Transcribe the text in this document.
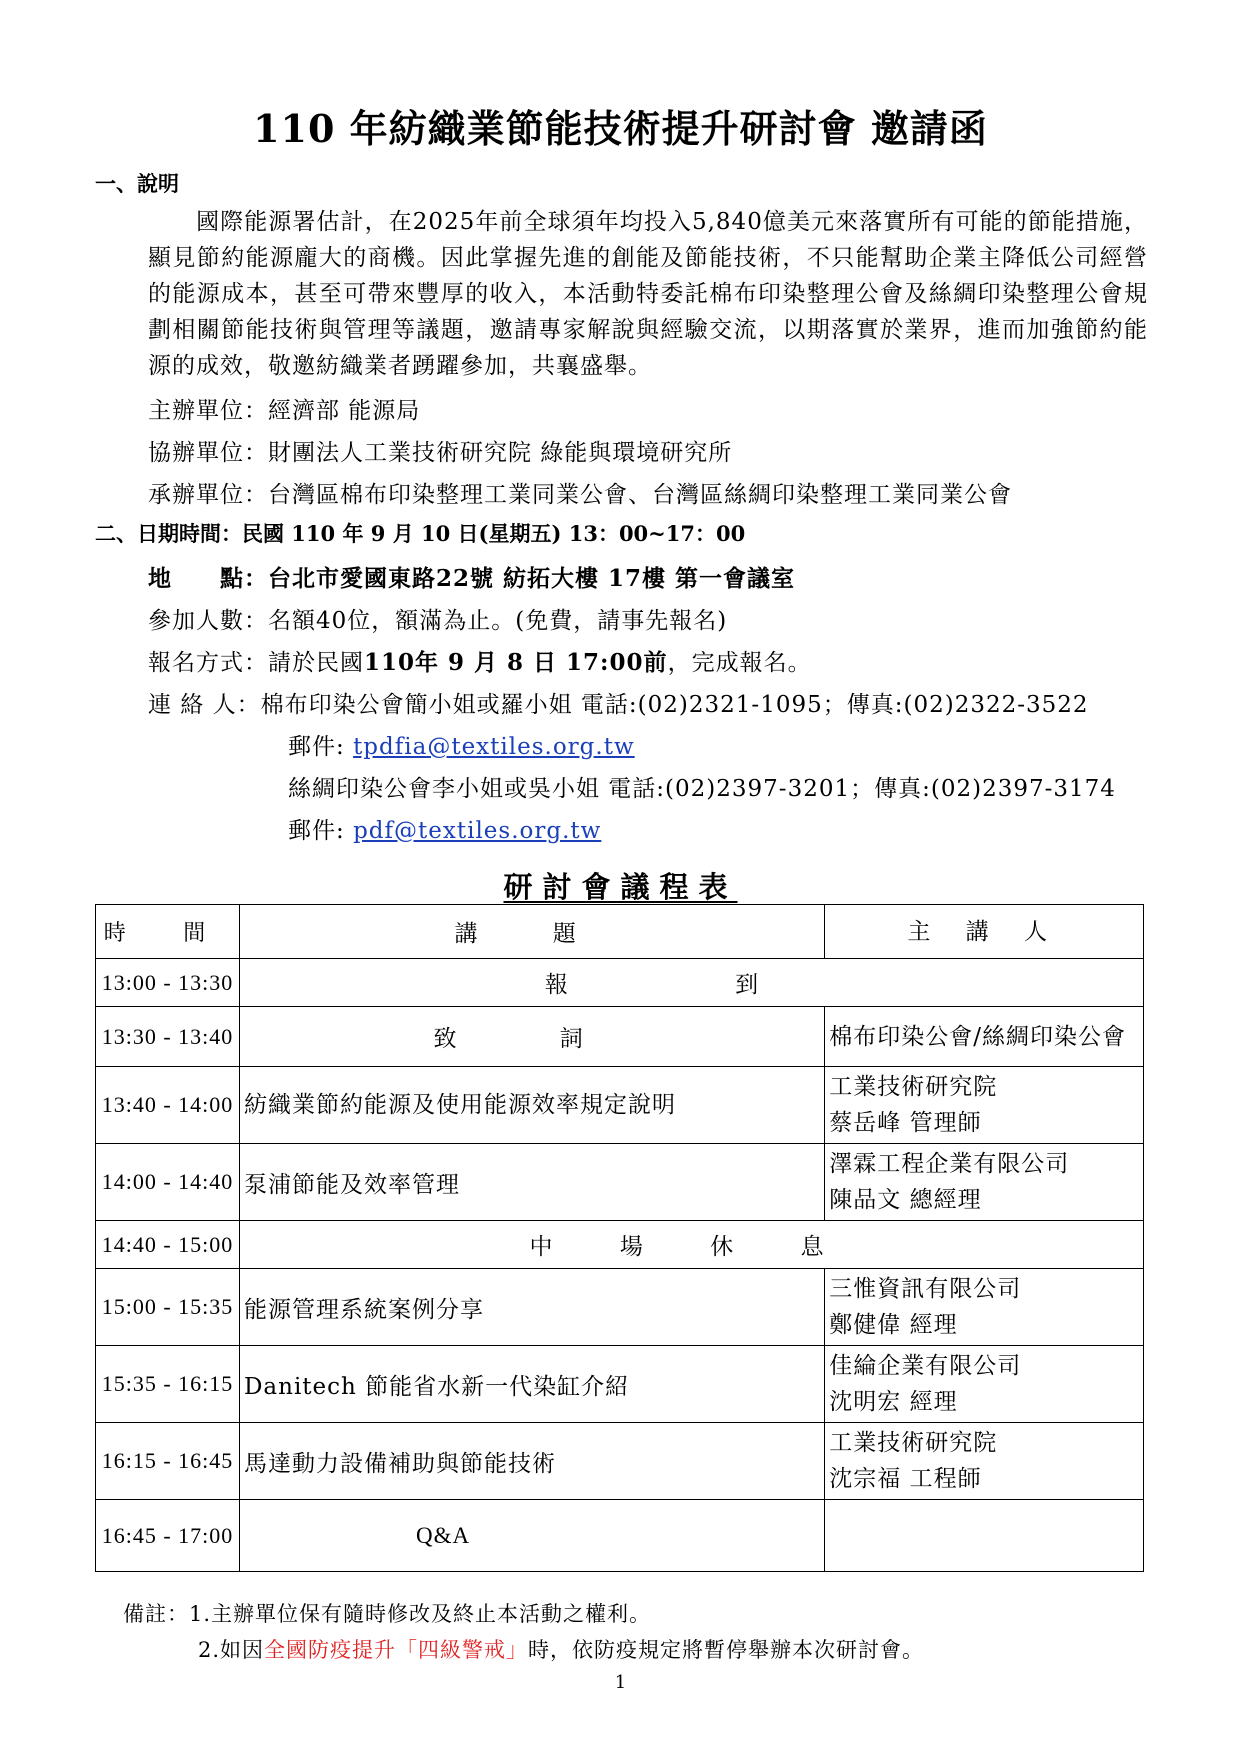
110 年紡織業節能技術提升研討會 邀請函
一、說明
國際能源署估計，在2025年前全球須年均投入5,840億美元來落實所有可能的節能措施，顯見節約能源龐大的商機。因此掌握先進的創能及節能技術，不只能幫助企業主降低公司經營的能源成本，甚至可帶來豐厚的收入，本活動特委託棉布印染整理公會及絲綢印染整理公會規劃相關節能技術與管理等議題，邀請專家解說與經驗交流，以期落實於業界，進而加強節約能源的成效，敬邀紡織業者踴躍參加，共襄盛舉。
主辦單位：經濟部 能源局
協辦單位：財團法人工業技術研究院 綠能與環境研究所
承辦單位：台灣區棉布印染整理工業同業公會、台灣區絲綢印染整理工業同業公會
二、日期時間：民國 110 年 9 月 10 日(星期五) 13：00~17：00
地　　點：台北市愛國東路22號 紡拓大樓 17樓 第一會議室
參加人數：名額40位，額滿為止。(免費，請事先報名)
報名方式：請於民國110年 9 月 8 日 17:00前，完成報名。
連 絡 人：棉布印染公會簡小姐或羅小姐 電話:(02)2321-1095；傳真:(02)2322-3522
郵件: tpdfia@textiles.org.tw
絲綢印染公會李小姐或吳小姐 電話:(02)2397-3201；傳真:(02)2397-3174
郵件: pdf@textiles.org.tw
研討會議程表
時 間	講 題	主 講 人
13:00 - 13:30	報 到	
13:30 - 13:40	致 詞	棉布印染公會/絲綢印染公會
13:40 - 14:00	紡織業節約能源及使用能源效率規定說明	工業技術研究院
蔡岳峰 管理師

14:00 - 14:40	泵浦節能及效率管理	澤霖工程企業有限公司
陳品文 總經理

14:40 - 15:00	中 場 休 息	
15:00 - 15:35	能源管理系統案例分享	三惟資訊有限公司
鄭健偉 經理

15:35 - 16:15	Danitech 節能省水新一代染缸介紹	佳綸企業有限公司
沈明宏 經理

16:15 - 16:45	馬達動力設備補助與節能技術	工業技術研究院
沈宗福 工程師

16:45 - 17:00	Q&A	
備註：1.主辦單位保有隨時修改及終止本活動之權利。
2.如因全國防疫提升「四級警戒」時，依防疫規定將暫停舉辦本次研討會。
1
